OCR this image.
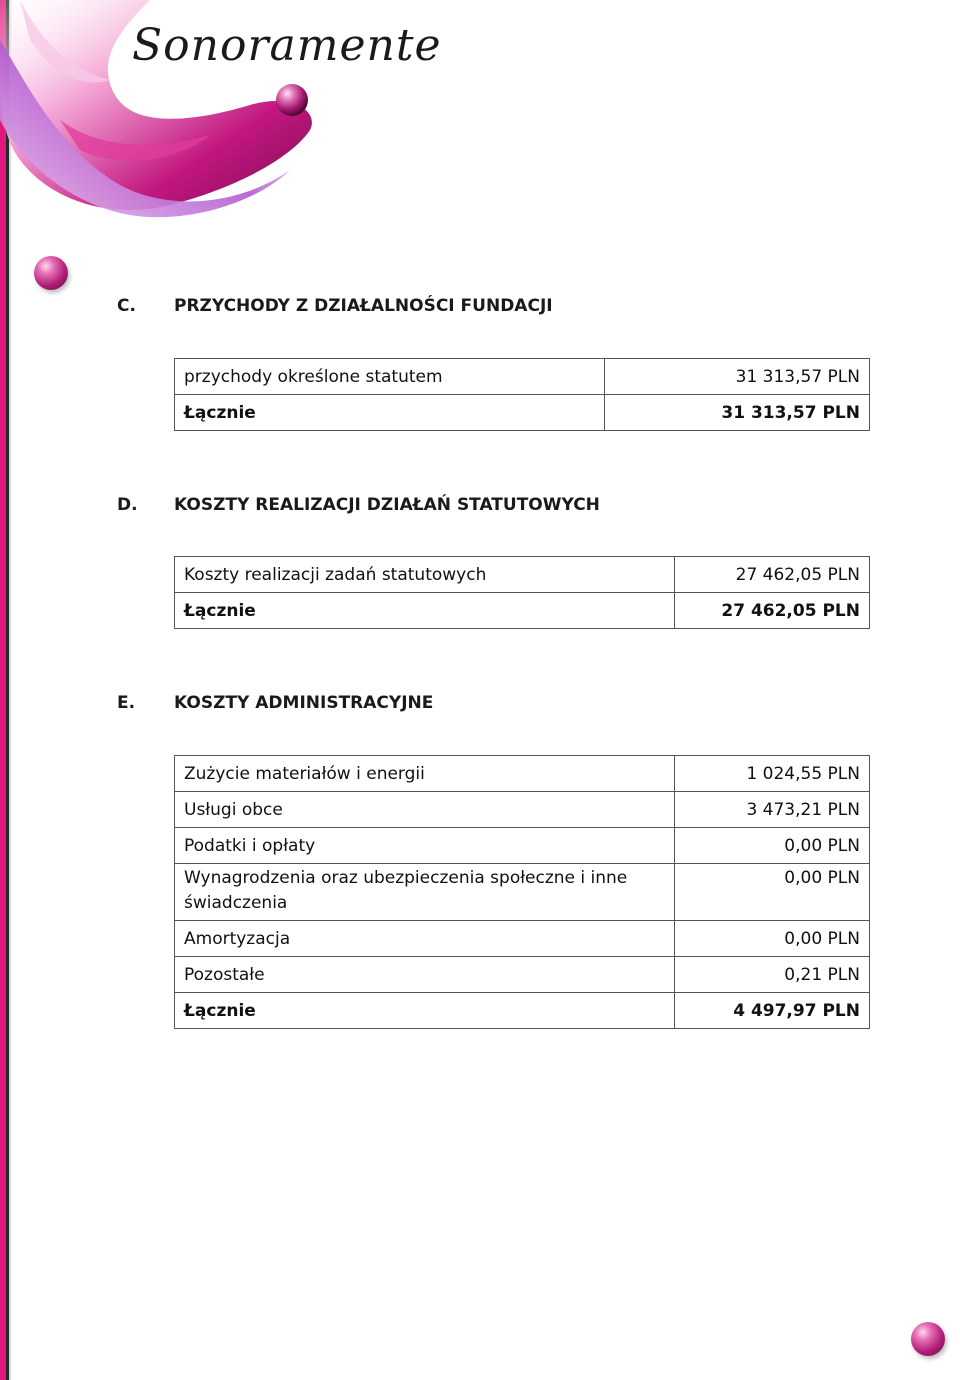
Sonoramente
C. PRZYCHODY Z DZIAŁALNOŚCI FUNDACJI
przychody określone statutem	31 313,57 PLN
Łącznie	31 313,57 PLN
D. KOSZTY REALIZACJI DZIAŁAŃ STATUTOWYCH
Koszty realizacji zadań statutowych	27 462,05 PLN
Łącznie	27 462,05 PLN
E. KOSZTY ADMINISTRACYJNE
Zużycie materiałów i energii	1 024,55 PLN
Usługi obce	3 473,21 PLN
Podatki i opłaty	0,00 PLN
Wynagrodzenia oraz ubezpieczenia społeczne i inne świadczenia	0,00 PLN
Amortyzacja	0,00 PLN
Pozostałe	0,21 PLN
Łącznie	4 497,97 PLN
